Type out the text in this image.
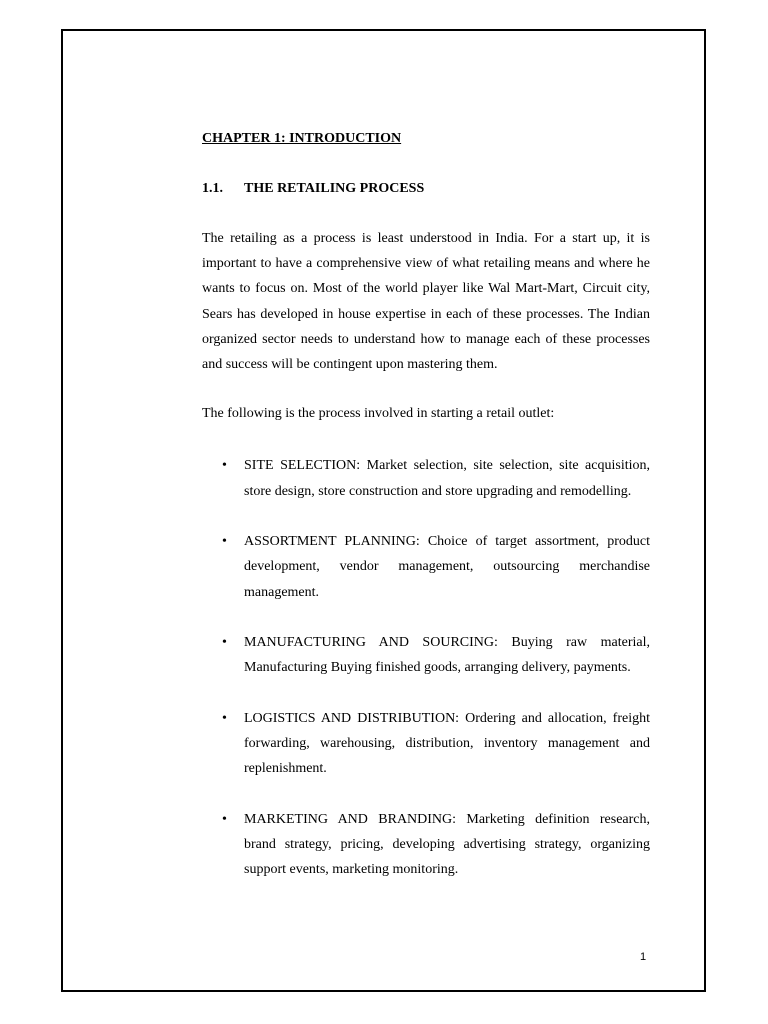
CHAPTER 1: INTRODUCTION

1.1.	THE RETAILING PROCESS

The retailing as a process is least understood in India. For a start up, it is important to have a comprehensive view of what retailing means and where he wants to focus on. Most of the world player like Wal Mart-Mart, Circuit city, Sears has developed in house expertise in each of these processes. The Indian organized sector needs to understand how to manage each of these processes and success will be contingent upon mastering them.

The following is the process involved in starting a retail outlet:

• SITE SELECTION: Market selection, site selection, site acquisition, store design, store construction and store upgrading and remodelling.
• ASSORTMENT PLANNING: Choice of target assortment, product development, vendor management, outsourcing merchandise management.
• MANUFACTURING AND SOURCING: Buying raw material, Manufacturing Buying finished goods, arranging delivery, payments.
• LOGISTICS AND DISTRIBUTION: Ordering and allocation, freight forwarding, warehousing, distribution, inventory management and replenishment.
• MARKETING AND BRANDING: Marketing definition research, brand strategy, pricing, developing advertising strategy, organizing support events, marketing monitoring.
1
